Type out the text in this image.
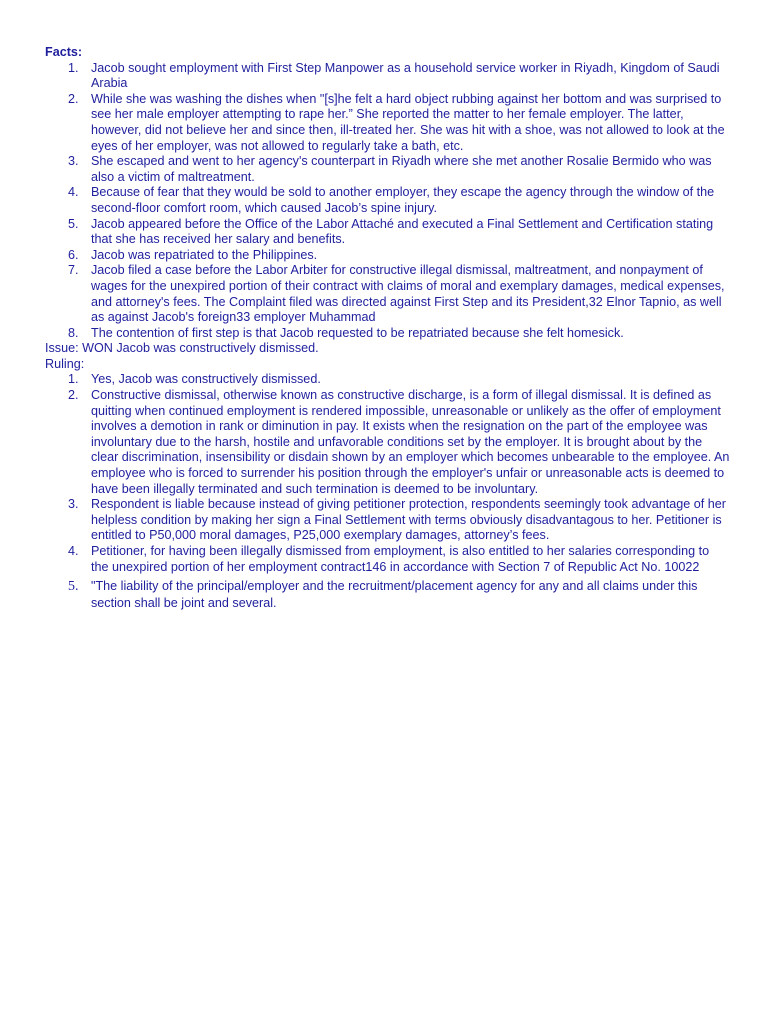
Facts:
1. Jacob sought employment with First Step Manpower as a household service worker in Riyadh, Kingdom of Saudi Arabia
2. While she was washing the dishes when "[s]he felt a hard object rubbing against her bottom and was surprised to see her male employer attempting to rape her.” She reported the matter to her female employer. The latter, however, did not believe her and since then, ill-treated her. She was hit with a shoe, was not allowed to look at the eyes of her employer, was not allowed to regularly take a bath, etc.
3. She escaped and went to her agency's counterpart in Riyadh where she met another Rosalie Bermido who was also a victim of maltreatment.
4. Because of fear that they would be sold to another employer, they escape the agency through the window of the second-floor comfort room, which caused Jacob’s spine injury.
5. Jacob appeared before the Office of the Labor Attaché and executed a Final Settlement and Certification stating that she has received her salary and benefits.
6. Jacob was repatriated to the Philippines.
7. Jacob filed a case before the Labor Arbiter for constructive illegal dismissal, maltreatment, and nonpayment of wages for the unexpired portion of their contract with claims of moral and exemplary damages, medical expenses, and attorney's fees. The Complaint filed was directed against First Step and its President,32 Elnor Tapnio, as well as against Jacob's foreign33 employer Muhammad
8. The contention of first step is that Jacob requested to be repatriated because she felt homesick.
Issue: WON Jacob was constructively dismissed.
Ruling:
1. Yes, Jacob was constructively dismissed.
2. Constructive dismissal, otherwise known as constructive discharge, is a form of illegal dismissal. It is defined as quitting when continued employment is rendered impossible, unreasonable or unlikely as the offer of employment involves a demotion in rank or diminution in pay. It exists when the resignation on the part of the employee was involuntary due to the harsh, hostile and unfavorable conditions set by the employer. It is brought about by the clear discrimination, insensibility or disdain shown by an employer which becomes unbearable to the employee. An employee who is forced to surrender his position through the employer's unfair or unreasonable acts is deemed to have been illegally terminated and such termination is deemed to be involuntary.
3. Respondent is liable because instead of giving petitioner protection, respondents seemingly took advantage of her helpless condition by making her sign a Final Settlement with terms obviously disadvantagous to her. Petitioner is entitled to P50,000 moral damages, P25,000 exemplary damages, attorney’s fees.
4. Petitioner, for having been illegally dismissed from employment, is also entitled to her salaries corresponding to the unexpired portion of her employment contract146 in accordance with Section 7 of Republic Act No. 10022
5. "The liability of the principal/employer and the recruitment/placement agency for any and all claims under this section shall be joint and several.
